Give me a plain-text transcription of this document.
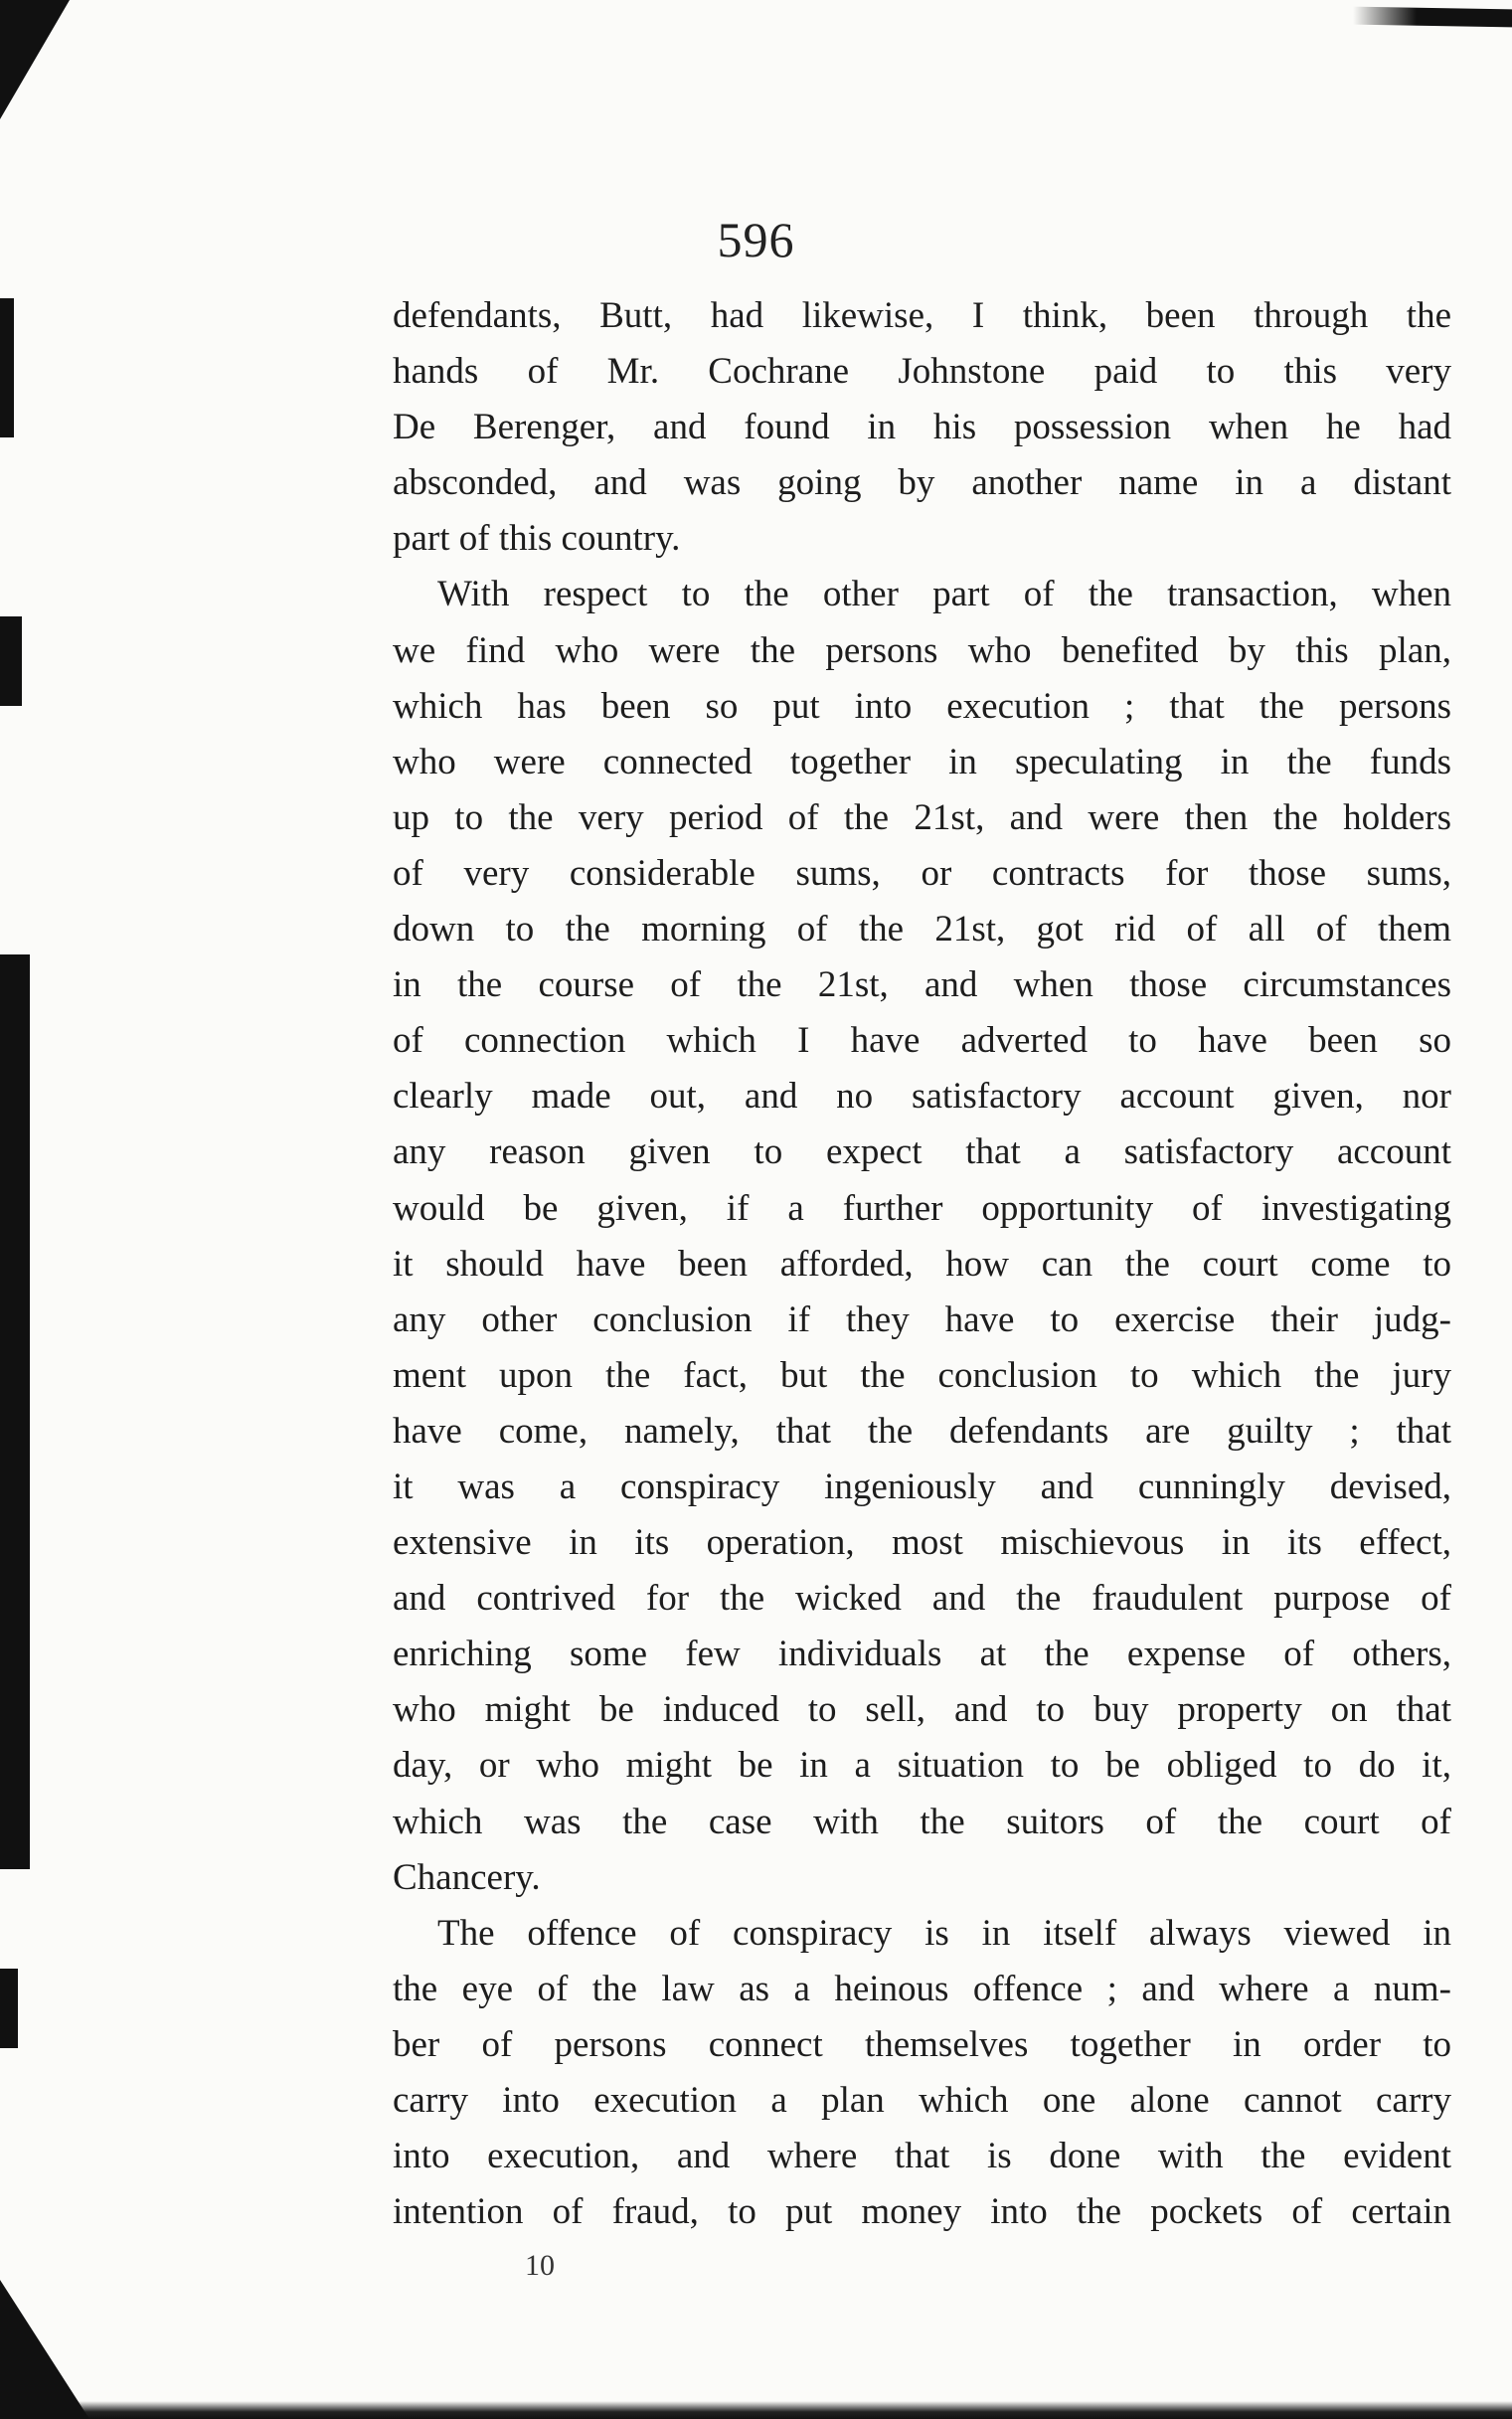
596
defendants, Butt, had likewise, I think, been through the
hands of Mr. Cochrane Johnstone paid to this very
De Berenger, and found in his possession when he had
absconded, and was going by another name in a distant
part of this country.
With respect to the other part of the transaction, when
we find who were the persons who benefited by this plan,
which has been so put into execution ; that the persons
who were connected together in speculating in the funds
up to the very period of the 21st, and were then the holders
of very considerable sums, or contracts for those sums,
down to the morning of the 21st, got rid of all of them
in the course of the 21st, and when those circumstances
of connection which I have adverted to have been so
clearly made out, and no satisfactory account given, nor
any reason given to expect that a satisfactory account
would be given, if a further opportunity of investigating
it should have been afforded, how can the court come to
any other conclusion if they have to exercise their judg-
ment upon the fact, but the conclusion to which the jury
have come, namely, that the defendants are guilty ; that
it was a conspiracy ingeniously and cunningly devised,
extensive in its operation, most mischievous in its effect,
and contrived for the wicked and the fraudulent purpose of
enriching some few individuals at the expense of others,
who might be induced to sell, and to buy property on that
day, or who might be in a situation to be obliged to do it,
which was the case with the suitors of the court of
Chancery.
The offence of conspiracy is in itself always viewed in
the eye of the law as a heinous offence ; and where a num-
ber of persons connect themselves together in order to
carry into execution a plan which one alone cannot carry
into execution, and where that is done with the evident
intention of fraud, to put money into the pockets of certain
10
